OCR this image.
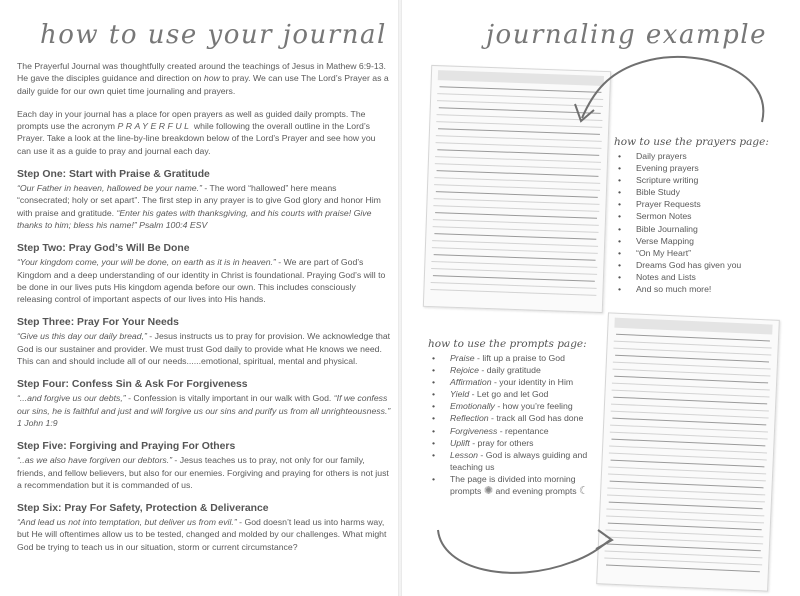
how to use your journal

The Prayerful Journal was thoughtfully created around the teachings of Jesus in Mathew 6:9-13. He gave the disciples guidance and direction on how to pray. We can use The Lord’s Prayer as a daily guide for our own quiet time journaling and prayers.

Each day in your journal has a place for open prayers as well as guided daily prompts. The prompts use the acronym PRAYERFUL while following the overall outline in the Lord’s Prayer. Take a look at the line-by-line breakdown below of the Lord’s Prayer and see how you can use it as a guide to pray and journal each day.

Step One: Start with Praise & Gratitude
“Our Father in heaven, hallowed be your name.” - The word “hallowed” here means “consecrated; holy or set apart”. The first step in any prayer is to give God glory and honor Him with praise and gratitude. “Enter his gates with thanksgiving, and his courts with praise! Give thanks to him; bless his name!” Psalm 100:4 ESV
Step Two: Pray God’s Will Be Done
“Your kingdom come, your will be done, on earth as it is in heaven.” - We are part of God’s Kingdom and a deep understanding of our identity in Christ is foundational. Praying God’s will to be done in our lives puts His kingdom agenda before our own. This includes consciously releasing control of important aspects of our lives into His hands.
Step Three: Pray For Your Needs
“Give us this day our daily bread,” - Jesus instructs us to pray for provision. We acknowledge that God is our sustainer and provider. We must trust God daily to provide what He knows we need. This can and should include all of our needs......emotional, spiritual, mental and physical.
Step Four: Confess Sin & Ask For Forgiveness
“...and forgive us our debts,” - Confession is vitally important in our walk with God. “If we confess our sins, he is faithful and just and will forgive us our sins and purify us from all unrighteousness.” 1 John 1:9
Step Five: Forgiving and Praying For Others
“..as we also have forgiven our debtors.” - Jesus teaches us to pray, not only for our family, friends, and fellow believers, but also for our enemies. Forgiving and praying for others is not just a recommendation but it is commanded of us.
Step Six: Pray For Safety, Protection & Deliverance
“And lead us not into temptation, but deliver us from evil.” - God doesn’t lead us into harms way, but He will oftentimes allow us to be tested, changed and molded by our challenges. What might God be trying to teach us in our situation, storm or current circumstance?
journaling example
how to use the prayers page:
• Daily prayers
• Evening prayers
• Scripture writing
• Bible Study
• Prayer Requests
• Sermon Notes
• Bible Journaling
• Verse Mapping
• “On My Heart”
• Dreams God has given you
• Notes and Lists
• And so much more!
how to use the prompts page:
• Praise - lift up a praise to God
• Rejoice - daily gratitude
• Affirmation - your identity in Him
• Yield - Let go and let God
• Emotionally - how you’re feeling
• Reflection - track all God has done
• Forgiveness - repentance
• Uplift - pray for others
• Lesson - God is always guiding and teaching us
• The page is divided into morning prompts ✺ and evening prompts ☾
